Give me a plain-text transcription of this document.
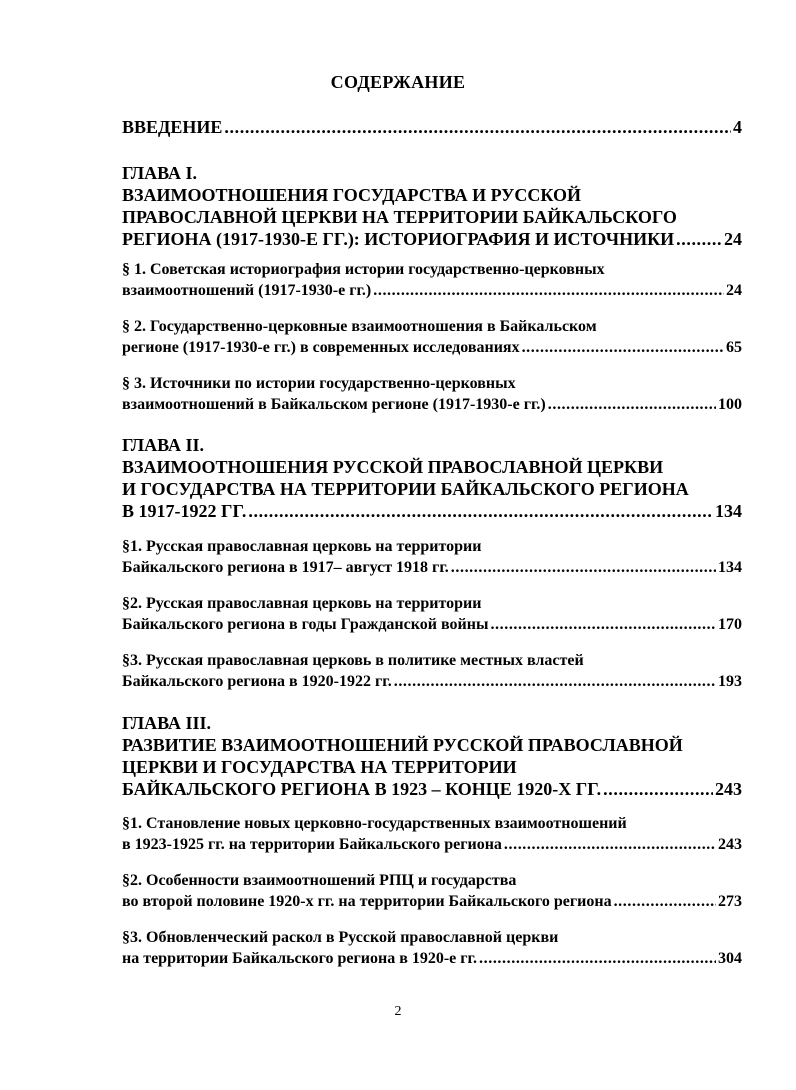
СОДЕРЖАНИЕ
ВВЕДЕНИЕ .....	4
ГЛАВА I.
ВЗАИМООТНОШЕНИЯ ГОСУДАРСТВА И РУССКОЙ
ПРАВОСЛАВНОЙ ЦЕРКВИ НА ТЕРРИТОРИИ БАЙКАЛЬСКОГО
РЕГИОНА (1917-1930-Е ГГ.): ИСТОРИОГРАФИЯ И ИСТОЧНИКИ .....	24
§ 1. Советская историография истории государственно-церковных
взаимоотношений (1917-1930-е гг.) .....	24
§ 2. Государственно-церковные взаимоотношения в Байкальском
регионе (1917-1930-е гг.) в современных исследованиях .....	65
§ 3. Источники по истории государственно-церковных
взаимоотношений в Байкальском регионе (1917-1930-е гг.) .....	100
ГЛАВА II.
ВЗАИМООТНОШЕНИЯ РУССКОЙ ПРАВОСЛАВНОЙ ЦЕРКВИ
И ГОСУДАРСТВА НА ТЕРРИТОРИИ БАЙКАЛЬСКОГО РЕГИОНА
В 1917-1922 ГГ. .....	134
§1. Русская православная церковь на территории
Байкальского региона в 1917– август 1918 гг. .....	134
§2. Русская православная церковь на территории
Байкальского региона в годы Гражданской войны .....	170
§3. Русская православная церковь в политике местных властей
Байкальского региона в 1920-1922 гг. .....	193
ГЛАВА III.
РАЗВИТИЕ ВЗАИМООТНОШЕНИЙ РУССКОЙ ПРАВОСЛАВНОЙ
ЦЕРКВИ И ГОСУДАРСТВА НА ТЕРРИТОРИИ
БАЙКАЛЬСКОГО РЕГИОНА В 1923 – КОНЦЕ 1920-Х ГГ. .....	243
§1. Становление новых церковно-государственных взаимоотношений
в 1923-1925 гг. на территории Байкальского региона .....	243
§2. Особенности взаимоотношений РПЦ и государства
во второй половине 1920-х гг. на территории Байкальского региона .....	273
§3. Обновленческий раскол в Русской православной церкви
на территории Байкальского региона в 1920-е гг. .....	304
2
